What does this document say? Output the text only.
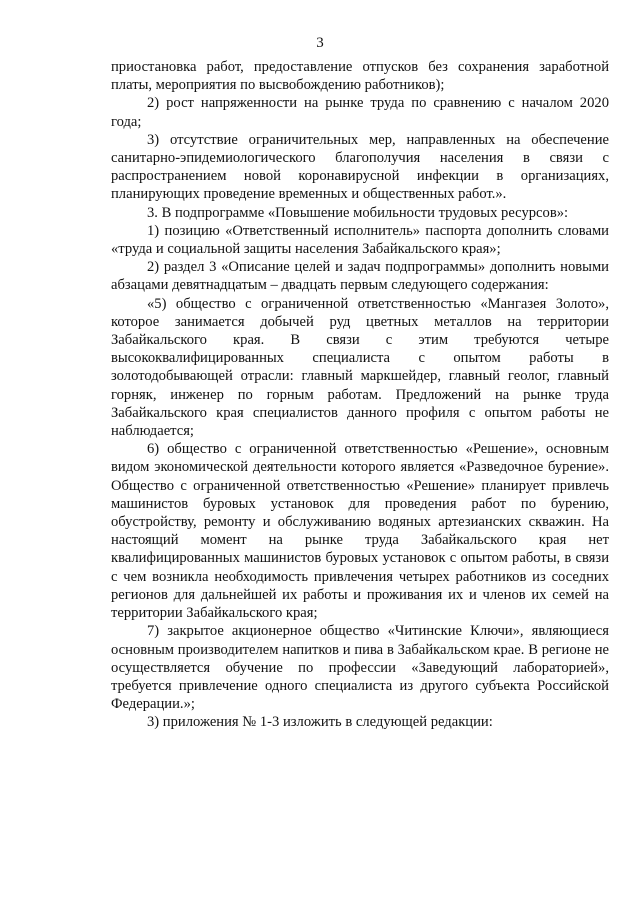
3

приостановка работ, предоставление отпусков без сохранения заработной платы, мероприятия по высвобождению работников);

2) рост напряженности на рынке труда по сравнению с началом 2020 года;

3) отсутствие ограничительных мер, направленных на обеспечение санитарно-эпидемиологического благополучия населения в связи с распространением новой коронавирусной инфекции в организациях, планирующих проведение временных и общественных работ.».

3. В подпрограмме «Повышение мобильности трудовых ресурсов»:

1) позицию «Ответственный исполнитель» паспорта дополнить словами «труда и социальной защиты населения Забайкальского края»;

2) раздел 3 «Описание целей и задач подпрограммы» дополнить новыми абзацами девятнадцатым – двадцать первым следующего содержания:

«5) общество с ограниченной ответственностью «Мангазея Золото», которое занимается добычей руд цветных металлов на территории Забайкальского края. В связи с этим требуются четыре высококвалифицированных специалиста с опытом работы в золотодобывающей отрасли: главный маркшейдер, главный геолог, главный горняк, инженер по горным работам. Предложений на рынке труда Забайкальского края специалистов данного профиля с опытом работы не наблюдается;

6) общество с ограниченной ответственностью «Решение», основным видом экономической деятельности которого является «Разведочное бурение». Общество с ограниченной ответственностью «Решение» планирует привлечь машинистов буровых установок для проведения работ по бурению, обустройству, ремонту и обслуживанию водяных артезианских скважин. На настоящий момент на рынке труда Забайкальского края нет квалифицированных машинистов буровых установок с опытом работы, в связи с чем возникла необходимость привлечения четырех работников из соседних регионов для дальнейшей их работы и проживания их и членов их семей на территории Забайкальского края;

7) закрытое акционерное общество «Читинские Ключи», являющиеся основным производителем напитков и пива в Забайкальском крае. В регионе не осуществляется обучение по профессии «Заведующий лабораторией», требуется привлечение одного специалиста из другого субъекта Российской Федерации.»;

3) приложения № 1-3 изложить в следующей редакции:
